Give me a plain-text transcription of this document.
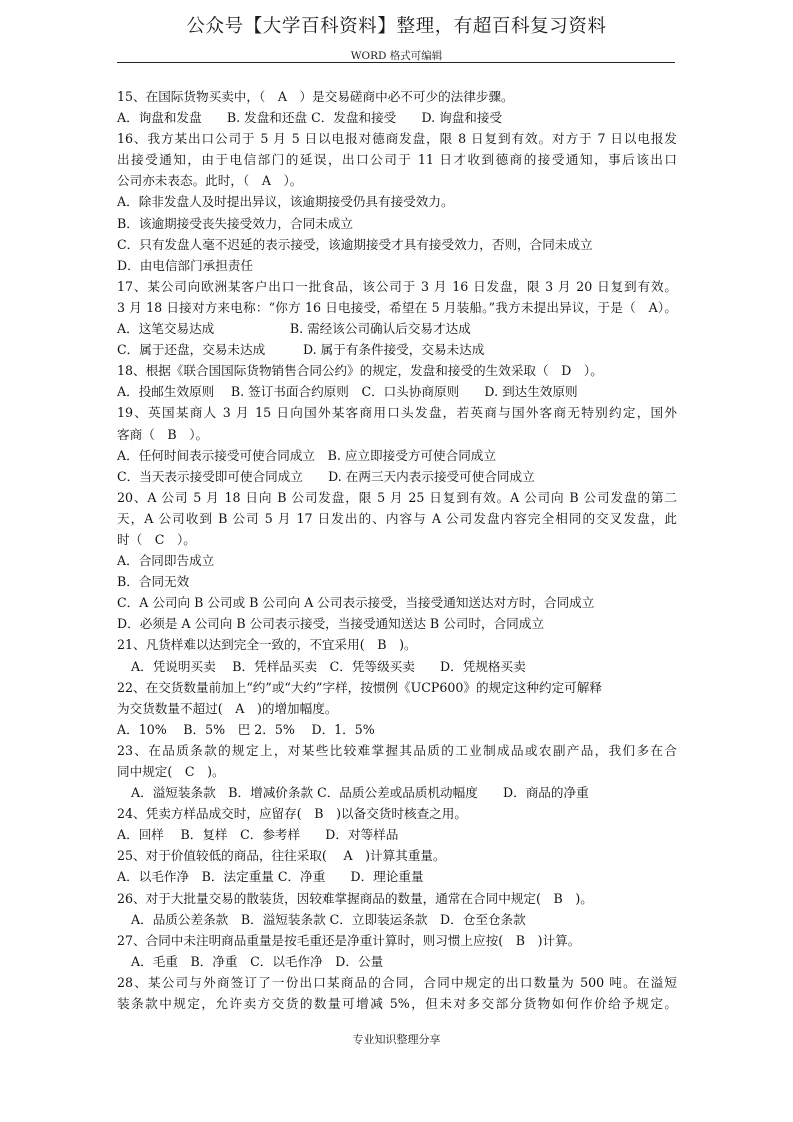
公众号【大学百科资料】整理，有超百科复习资料
WORD 格式可编辑
15、在国际货物买卖中，（　A　）是交易磋商中必不可少的法律步骤。
A．询盘和发盘　　B. 发盘和还盘 C．发盘和接受　　D. 询盘和接受
16、我方某出口公司于 5 月 5 日以电报对德商发盘，限 8 日复到有效。对方于 7 日以电报发
出接受通知，由于电信部门的延误，出口公司于 11 日才收到德商的接受通知，事后该出口
公司亦未表态。此时，（　A　）。
A．除非发盘人及时提出异议，该逾期接受仍具有接受效力。
B．该逾期接受丧失接受效力，合同未成立
C．只有发盘人毫不迟延的表示接受，该逾期接受才具有接受效力，否则，合同未成立
D．由电信部门承担责任
17、某公司向欧洲某客户出口一批食品，该公司于 3 月 16 日发盘，限 3 月 20 日复到有效。
3 月 18 日接对方来电称：“你方 16 日电接受，希望在 5 月装船。”我方未提出异议，于是（　A）。
A．这笔交易达成　　　　　　B. 需经该公司确认后交易才达成
C．属于还盘，交易未达成　　　D. 属于有条件接受，交易未达成
18、根据《联合国国际货物销售合同公约》的规定，发盘和接受的生效采取（　D　）。
A．投邮生效原则　 B. 签订书面合约原则　C．口头协商原则　　D. 到达生效原则
19、英国某商人 3 月 15 日向国外某客商用口头发盘，若英商与国外客商无特别约定，国外
客商（　B　）。
A．任何时间表示接受可使合同成立　B. 应立即接受方可使合同成立
C．当天表示接受即可使合同成立　　D. 在两三天内表示接受可使合同成立
20、A 公司 5 月 18 日向 B 公司发盘，限 5 月 25 日复到有效。A 公司向 B 公司发盘的第二
天，A 公司收到 B 公司 5 月 17 日发出的、内容与 A 公司发盘内容完全相同的交叉发盘，此
时（　C　）。
A．合同即告成立
B．合同无效
C．A 公司向 B 公司或 B 公司向 A 公司表示接受，当接受通知送达对方时，合同成立
D．必须是 A 公司向 B 公司表示接受，当接受通知送达 B 公司时，合同成立
21、凡货样难以达到完全一致的，不宜采用(　B　)。
A．凭说明买卖　 B．凭样品买卖　C．凭等级买卖　　D．凭规格买卖
22、在交货数量前加上“约”或“大约”字样，按惯例《UCP600》的规定这种约定可解释
为交货数量不超过(　A　)的增加幅度。
A．10%　 B．5%　巴 2．5%　 D．1．5%
23、在品质条款的规定上，对某些比较难掌握其品质的工业制成品或农副产品，我们多在合
同中规定(　C　)。
A．溢短装条款　B．增减价条款 C．品质公差或品质机动幅度　　D．商品的净重
24、凭卖方样品成交时，应留存(　B　)以备交货时核查之用。
A．回样　 B．复样　C．参考样　　D．对等样品
25、对于价值较低的商品，往往采取(　 A　)计算其重量。
A．以毛作净　B．法定重量 C．净重　　D．理论重量
26、对于大批量交易的散装货，因较难掌握商品的数量，通常在合同中规定(　B　)。
A．品质公差条款　B．溢短装条款 C．立即装运条款　D．仓至仓条款
27、合同中未注明商品重量是按毛重还是净重计算时，则习惯上应按(　B　)计算。
A．毛重　B．净重　C．以毛作净　D．公量
28、某公司与外商签订了一份出口某商品的合同，合同中规定的出口数量为 500 吨。在溢短
装条款中规定，允许卖方交货的数量可增减 5%，但未对多交部分货物如何作价给予规定。
专业知识整理分享
